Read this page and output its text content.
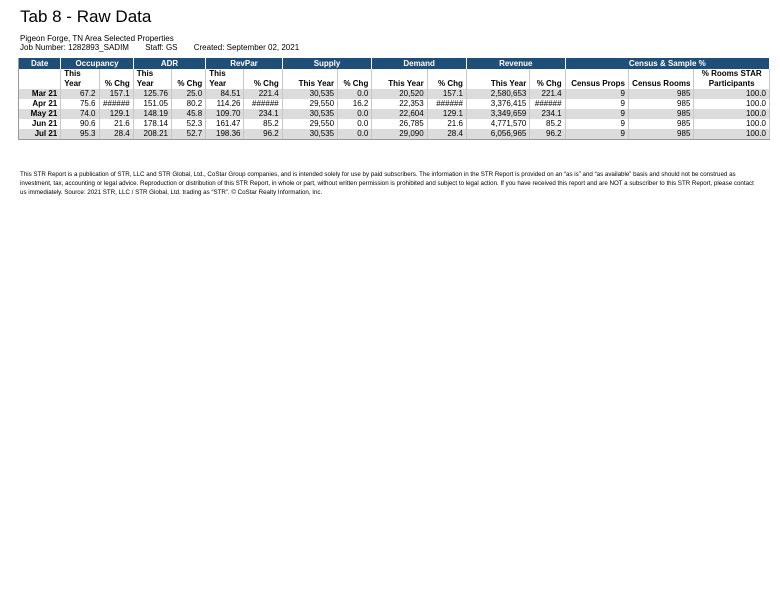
Tab 8 - Raw Data
Pigeon Forge, TN Area Selected Properties
Job Number: 1282893_SADIM Staff: GS Created: September 02, 2021
Date	Occupancy		ADR		RevPar		Supply		Demand		Revenue		Census & Sample %		
	This		This		This										% Rooms STAR
	Year	% Chg	Year	% Chg	Year	% Chg	This Year	% Chg	This Year	% Chg	This Year	% Chg	Census Props	Census Rooms	Participants
Mar 21	67.2	157.1	125.76	25.0	84.51	221.4	30,535	0.0	20,520	157.1	2,580,653	221.4	9	985	100.0
Apr 21	75.6	######	151.05	80.2	114.26	######	29,550	16.2	22,353	######	3,376,415	######	9	985	100.0
May 21	74.0	129.1	148.19	45.8	109.70	234.1	30,535	0.0	22,604	129.1	3,349,659	234.1	9	985	100.0
Jun 21	90.6	21.6	178.14	52.3	161.47	85.2	29,550	0.0	26,785	21.6	4,771,570	85.2	9	985	100.0
Jul 21	95.3	28.4	208.21	52.7	198.36	96.2	30,535	0.0	29,090	28.4	6,056,965	96.2	9	985	100.0
This STR Report is a publication of STR, LLC and STR Global, Ltd., CoStar Group companies, and is intended solely for use by paid subscribers. The information in the STR Report is provided on an “as is” and “as available” basis and should not be construed as investment, tax, accounting or legal advice. Reproduction or distribution of this STR Report, in whole or part, without written permission is prohibited and subject to legal action. If you have received this report and are NOT a subscriber to this STR Report, please contact us immediately. Source: 2021 STR, LLC / STR Global, Ltd. trading as “STR”. © CoStar Realty Information, Inc.
